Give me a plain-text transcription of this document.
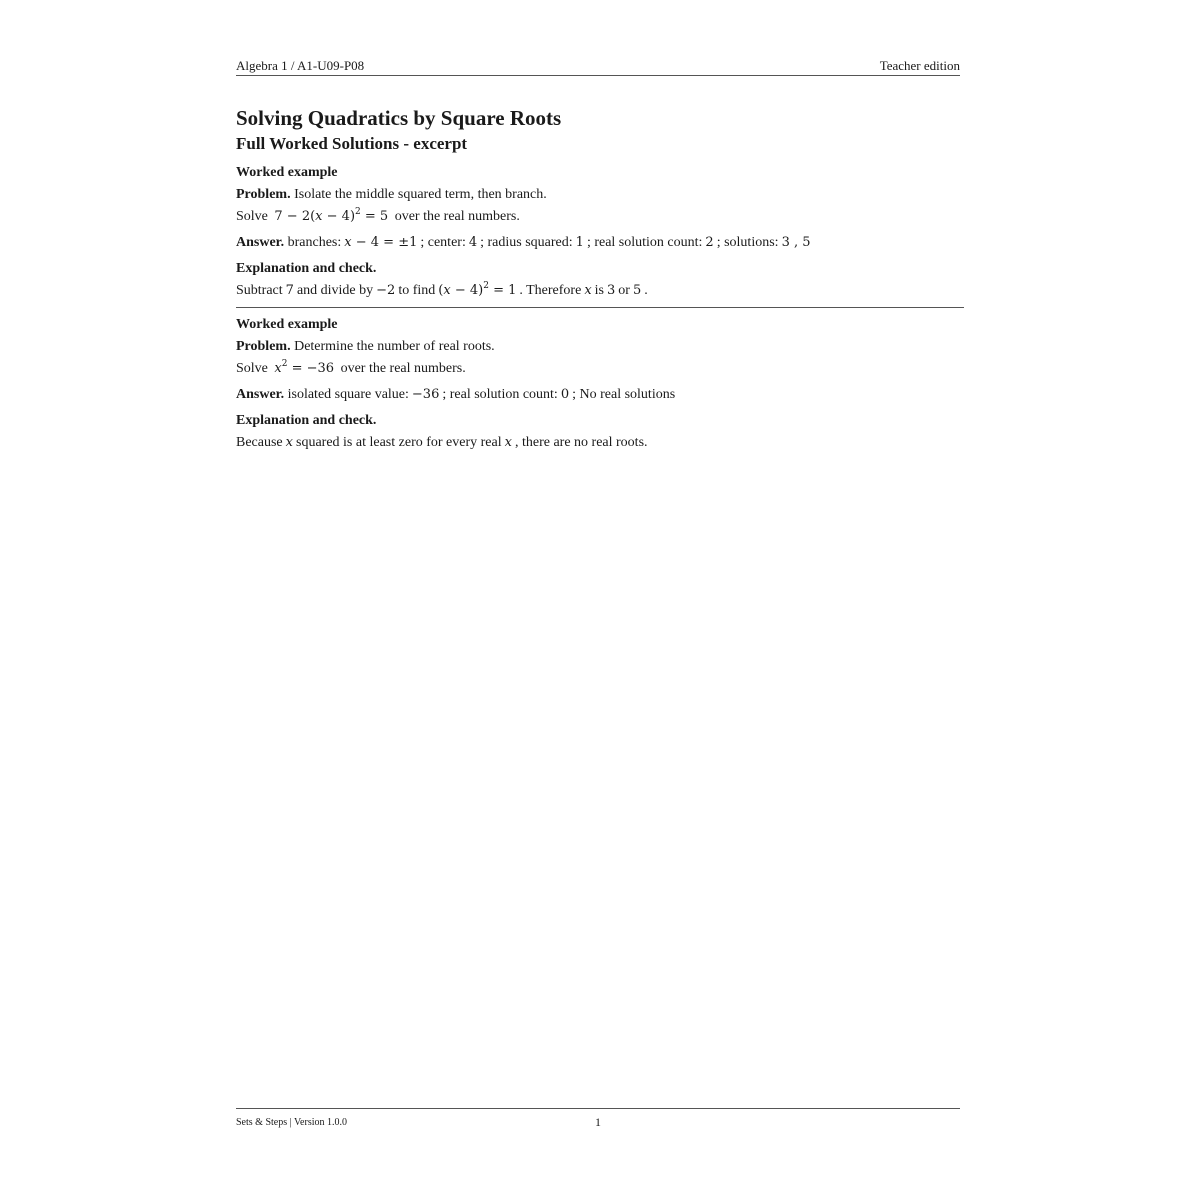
Algebra 1 / A1-U09-P08	Teacher edition
Solving Quadratics by Square Roots
Full Worked Solutions - excerpt

Worked example

Problem. Isolate the middle squared term, then branch.

Solve $7 - 2(x - 4)^2 = 5$ over the real numbers.

Answer. branches: x − 4 = ±1 ; center: 4 ; radius squared: 1 ; real solution count: 2 ; solutions: 3 , 5

Explanation and check.

Subtract 7 and divide by −2 to find $(x - 4)^2 = 1$ . Therefore x is 3 or 5 .

Worked example

Problem. Determine the number of real roots.

Solve $x^2 = -36$ over the real numbers.

Answer. isolated square value: −36 ; real solution count: 0 ; No real solutions

Explanation and check.

Because x squared is at least zero for every real x , there are no real roots.

Sets & Steps | Version 1.0.0	1
